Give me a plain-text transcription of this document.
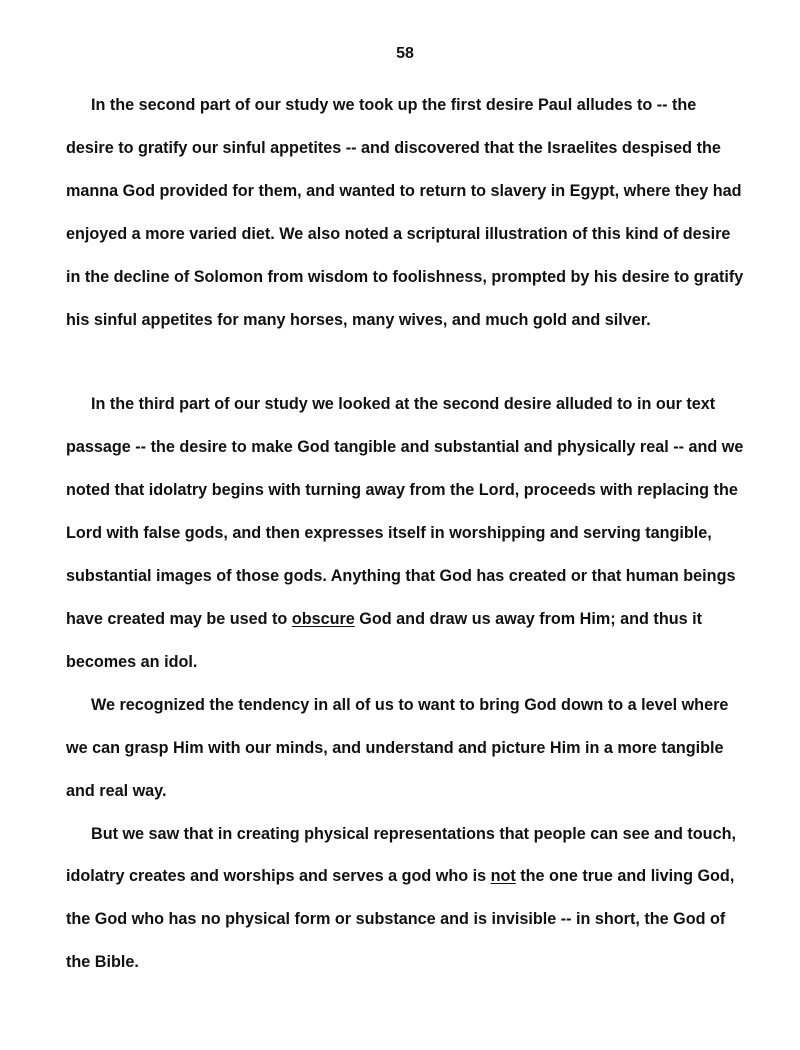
58

In the second part of our study we took up the first desire Paul alludes to -- the desire to gratify our sinful appetites -- and discovered that the Israelites despised the manna God provided for them, and wanted to return to slavery in Egypt, where they had enjoyed a more varied diet. We also noted a scriptural illustration of this kind of desire in the decline of Solomon from wisdom to foolishness, prompted by his desire to gratify his sinful appetites for many horses, many wives, and much gold and silver.

In the third part of our study we looked at the second desire alluded to in our text passage -- the desire to make God tangible and substantial and physically real -- and we noted that idolatry begins with turning away from the Lord, proceeds with replacing the Lord with false gods, and then expresses itself in worshipping and serving tangible, substantial images of those gods. Anything that God has created or that human beings have created may be used to obscure God and draw us away from Him; and thus it becomes an idol.

We recognized the tendency in all of us to want to bring God down to a level where we can grasp Him with our minds, and understand and picture Him in a more tangible and real way.

But we saw that in creating physical representations that people can see and touch, idolatry creates and worships and serves a god who is not the one true and living God, the God who has no physical form or substance and is invisible -- in short, the God of the Bible.
